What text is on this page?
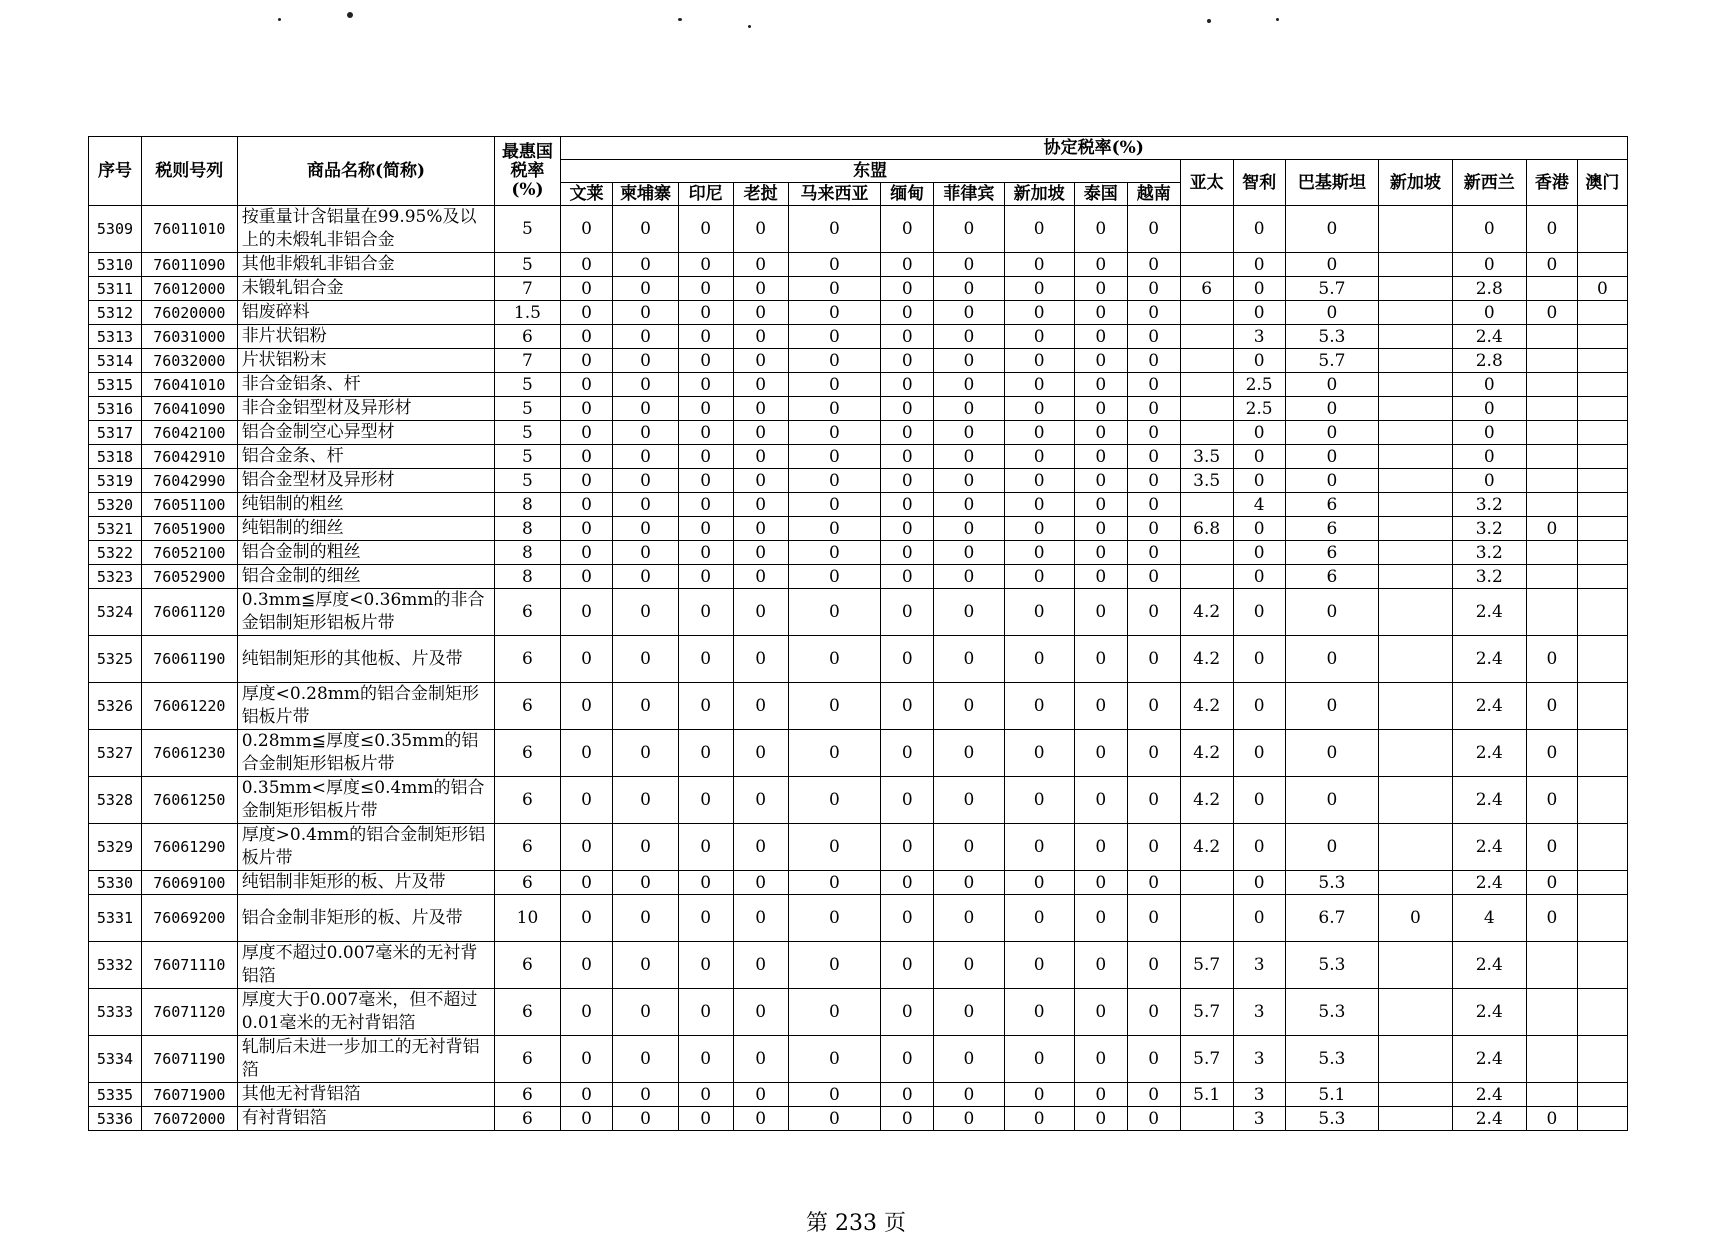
序号	税则号列	商品名称(简称)	最惠国税率(%)	协定税率(%)																
				东盟										亚太	智利	巴基斯坦	新加坡	新西兰	香港	澳门
				文莱	柬埔寨	印尼	老挝	马来西亚	缅甸	菲律宾	新加坡	泰国	越南							
5309	76011010	按重量计含铝量在99.95%及以上的未煅轧非铝合金	5	0	0	0	0	0	0	0	0	0	0		0	0		0	0	
5310	76011090	其他非煅轧非铝合金	5	0	0	0	0	0	0	0	0	0	0		0	0		0	0	
5311	76012000	未锻轧铝合金	7	0	0	0	0	0	0	0	0	0	0	6	0	5.7		2.8		0
5312	76020000	铝废碎料	1.5	0	0	0	0	0	0	0	0	0	0		0	0		0	0	
5313	76031000	非片状铝粉	6	0	0	0	0	0	0	0	0	0	0		3	5.3		2.4		
5314	76032000	片状铝粉末	7	0	0	0	0	0	0	0	0	0	0		0	5.7		2.8		
5315	76041010	非合金铝条、杆	5	0	0	0	0	0	0	0	0	0	0		2.5	0		0		
5316	76041090	非合金铝型材及异形材	5	0	0	0	0	0	0	0	0	0	0		2.5	0		0		
5317	76042100	铝合金制空心异型材	5	0	0	0	0	0	0	0	0	0	0		0	0		0		
5318	76042910	铝合金条、杆	5	0	0	0	0	0	0	0	0	0	0	3.5	0	0		0		
5319	76042990	铝合金型材及异形材	5	0	0	0	0	0	0	0	0	0	0	3.5	0	0		0		
5320	76051100	纯铝制的粗丝	8	0	0	0	0	0	0	0	0	0	0		4	6		3.2		
5321	76051900	纯铝制的细丝	8	0	0	0	0	0	0	0	0	0	0	6.8	0	6		3.2	0	
5322	76052100	铝合金制的粗丝	8	0	0	0	0	0	0	0	0	0	0		0	6		3.2		
5323	76052900	铝合金制的细丝	8	0	0	0	0	0	0	0	0	0	0		0	6		3.2		
5324	76061120	0.3mm≦厚度<0.36mm的非合金铝制矩形铝板片带	6	0	0	0	0	0	0	0	0	0	0	4.2	0	0		2.4		
5325	76061190	纯铝制矩形的其他板、片及带	6	0	0	0	0	0	0	0	0	0	0	4.2	0	0		2.4	0	
5326	76061220	厚度<0.28mm的铝合金制矩形铝板片带	6	0	0	0	0	0	0	0	0	0	0	4.2	0	0		2.4	0	
5327	76061230	0.28mm≦厚度≤0.35mm的铝合金制矩形铝板片带	6	0	0	0	0	0	0	0	0	0	0	4.2	0	0		2.4	0	
5328	76061250	0.35mm<厚度≤0.4mm的铝合金制矩形铝板片带	6	0	0	0	0	0	0	0	0	0	0	4.2	0	0		2.4	0	
5329	76061290	厚度>0.4mm的铝合金制矩形铝板片带	6	0	0	0	0	0	0	0	0	0	0	4.2	0	0		2.4	0	
5330	76069100	纯铝制非矩形的板、片及带	6	0	0	0	0	0	0	0	0	0	0		0	5.3		2.4	0	
5331	76069200	铝合金制非矩形的板、片及带	10	0	0	0	0	0	0	0	0	0	0		0	6.7	0	4	0	
5332	76071110	厚度不超过0.007毫米的无衬背铝箔	6	0	0	0	0	0	0	0	0	0	0	5.7	3	5.3		2.4		
5333	76071120	厚度大于0.007毫米，但不超过0.01毫米的无衬背铝箔	6	0	0	0	0	0	0	0	0	0	0	5.7	3	5.3		2.4		
5334	76071190	轧制后未进一步加工的无衬背铝箔	6	0	0	0	0	0	0	0	0	0	0	5.7	3	5.3		2.4		
5335	76071900	其他无衬背铝箔	6	0	0	0	0	0	0	0	0	0	0	5.1	3	5.1		2.4		
5336	76072000	有衬背铝箔	6	0	0	0	0	0	0	0	0	0	0		3	5.3		2.4	0	
第 233 页
